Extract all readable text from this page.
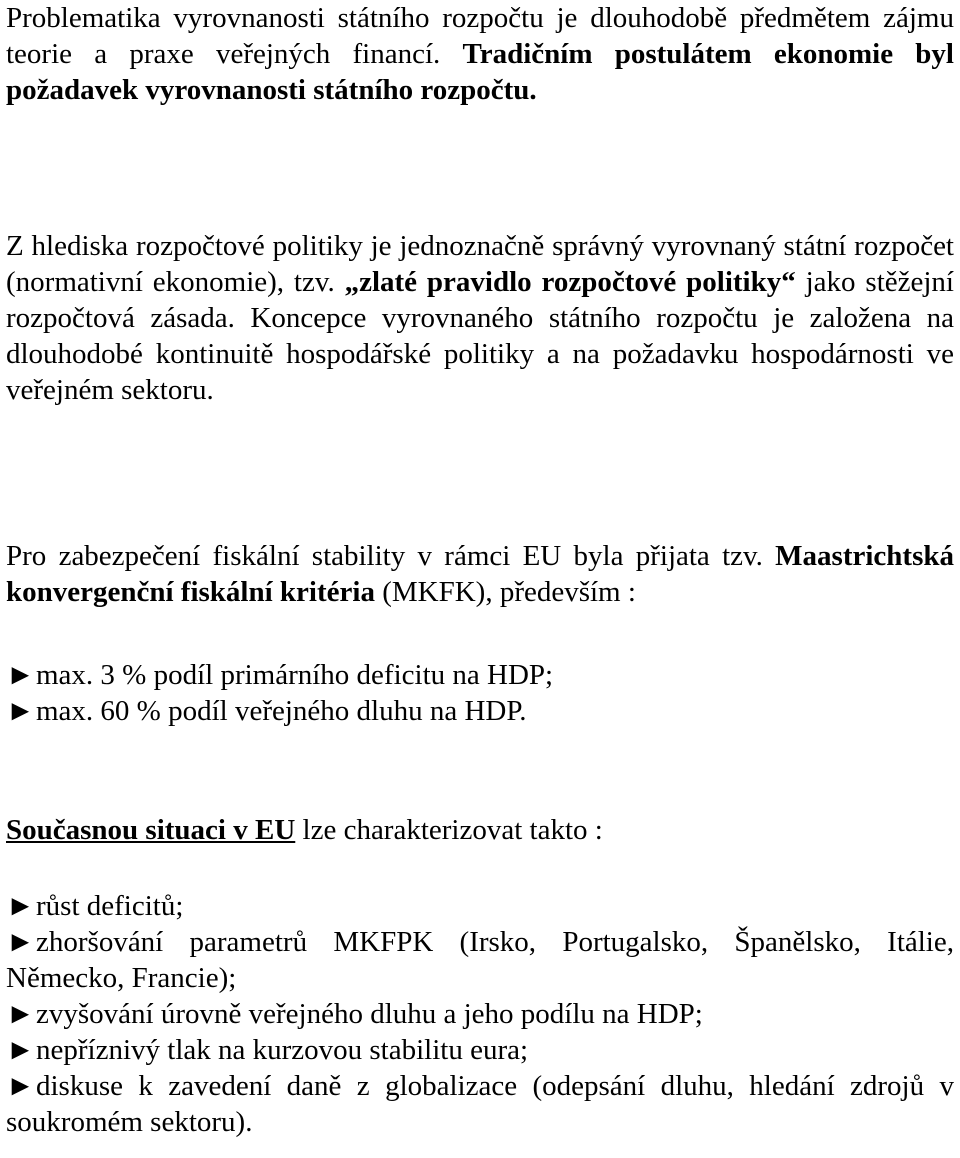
Problematika vyrovnanosti státního rozpočtu je dlouhodobě předmětem zájmu teorie a praxe veřejných financí. Tradičním postulátem ekonomie byl požadavek vyrovnanosti státního rozpočtu.

Z hlediska rozpočtové politiky je jednoznačně správný vyrovnaný státní rozpočet (normativní ekonomie), tzv. „zlaté pravidlo rozpočtové politiky“ jako stěžejní rozpočtová zásada. Koncepce vyrovnaného státního rozpočtu je založena na dlouhodobé kontinuitě hospodářské politiky a na požadavku hospodárnosti ve veřejném sektoru.

Pro zabezpečení fiskální stability v rámci EU byla přijata tzv. Maastrichtská konvergenční fiskální kritéria (MKFK), především :

►max. 3 % podíl primárního deficitu na HDP;
►max. 60 % podíl veřejného dluhu na HDP.

Současnou situaci v EU lze charakterizovat takto :

►růst deficitů;
►zhoršování parametrů MKFPK (Irsko, Portugalsko, Španělsko, Itálie, Německo, Francie);
►zvyšování úrovně veřejného dluhu a jeho podílu na HDP;
►nepříznivý tlak na kurzovou stabilitu eura;
►diskuse k zavedení daně z globalizace (odepsání dluhu, hledání zdrojů v soukromém sektoru).
